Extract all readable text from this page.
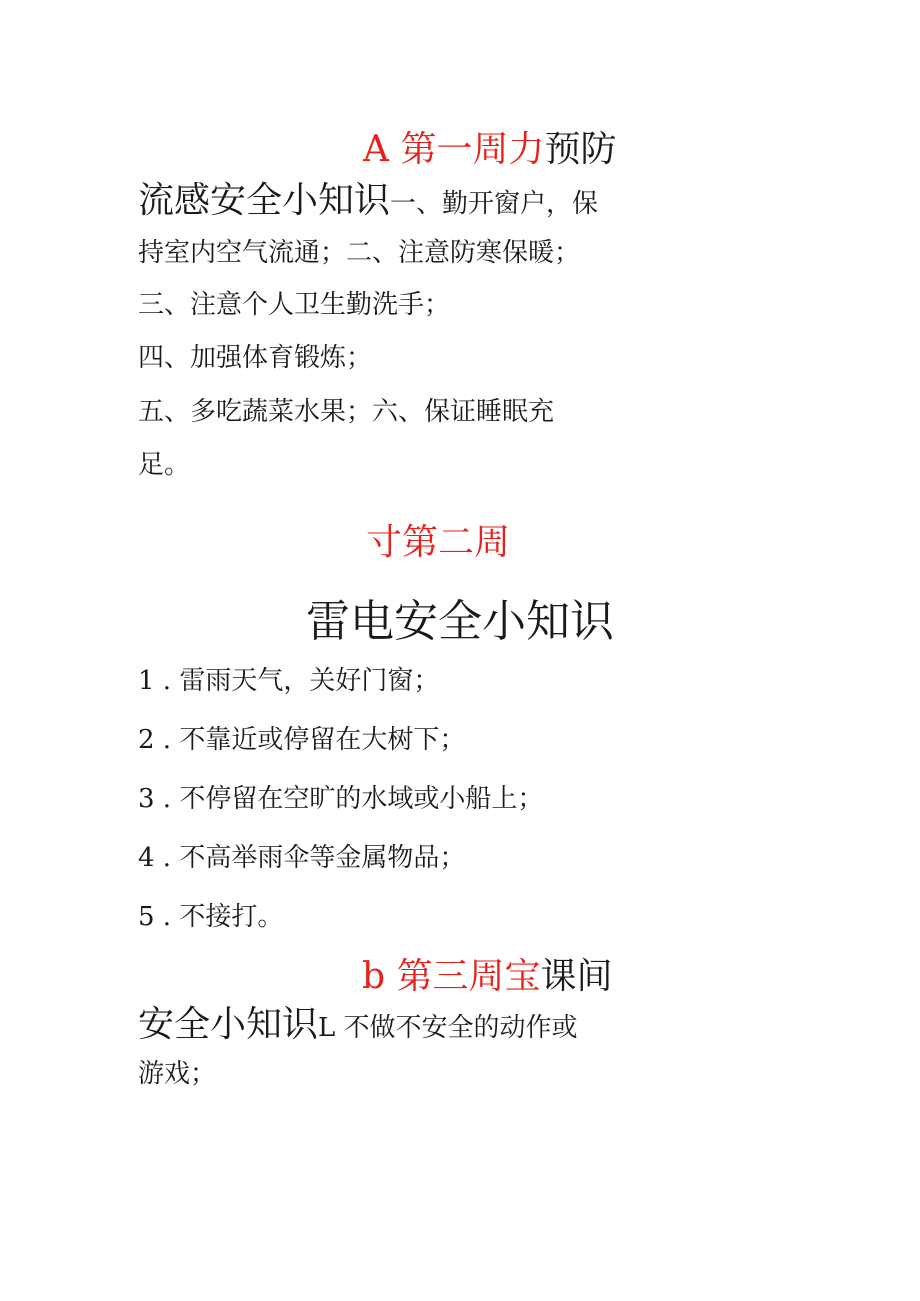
A 第一周力预防
流感安全小知识一、勤开窗户，保
持室内空气流通；二、注意防寒保暖；
三、注意个人卫生勤洗手；
四、加强体育锻炼；
五、多吃蔬菜水果；六、保证睡眠充
足。
寸第二周
雷电安全小知识
1 . 雷雨天气，关好门窗；
2 . 不靠近或停留在大树下；
3 . 不停留在空旷的水域或小船上；
4 . 不高举雨伞等金属物品；
5 . 不接打。
b 第三周宝课间
安全小知识L 不做不安全的动作或
游戏；
